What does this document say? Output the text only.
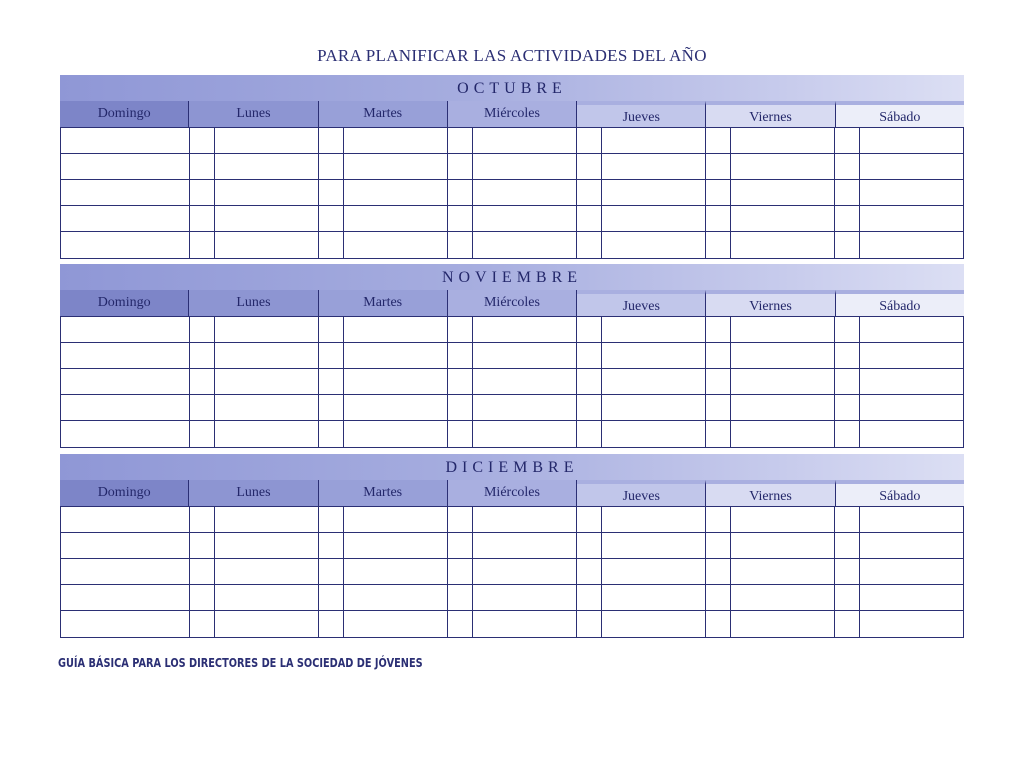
PARA PLANIFICAR LAS ACTIVIDADES DEL AÑO
OCTUBRE
Domingo	Lunes	Martes	Miércoles	Jueves	Viernes	Sábado
NOVIEMBRE
Domingo	Lunes	Martes	Miércoles	Jueves	Viernes	Sábado
DICIEMBRE
Domingo	Lunes	Martes	Miércoles	Jueves	Viernes	Sábado
GUÍA BÁSICA PARA LOS DIRECTORES DE LA SOCIEDAD DE JÓVENES
